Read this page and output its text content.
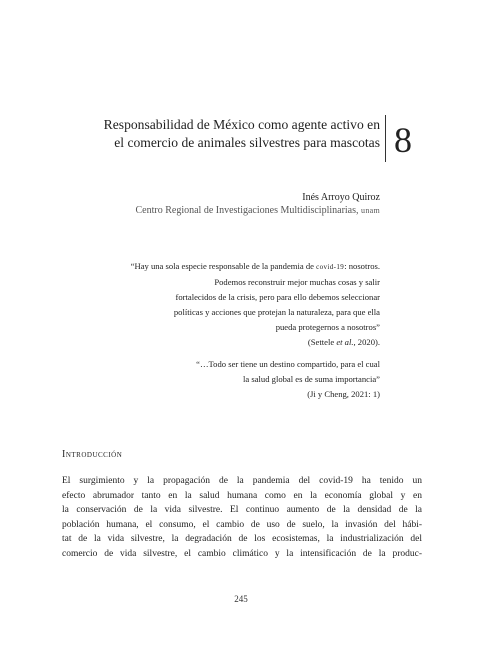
Responsabilidad de México como agente activo en
el comercio de animales silvestres para mascotas 8
Inés Arroyo Quiroz
Centro Regional de Investigaciones Multidisciplinarias, unam
“Hay una sola especie responsable de la pandemia de covid-19: nosotros.
Podemos reconstruir mejor muchas cosas y salir
fortalecidos de la crisis, pero para ello debemos seleccionar
políticas y acciones que protejan la naturaleza, para que ella
pueda protegernos a nosotros”
(Settele et al., 2020).
“…Todo ser tiene un destino compartido, para el cual
la salud global es de suma importancia”
(Ji y Cheng, 2021: 1)
Introducción
El surgimiento y la propagación de la pandemia del covid-19 ha tenido un
efecto abrumador tanto en la salud humana como en la economía global y en
la conservación de la vida silvestre. El continuo aumento de la densidad de la
población humana, el consumo, el cambio de uso de suelo, la invasión del hábi-
tat de la vida silvestre, la degradación de los ecosistemas, la industrialización del
comercio de vida silvestre, el cambio climático y la intensificación de la produc-
245
